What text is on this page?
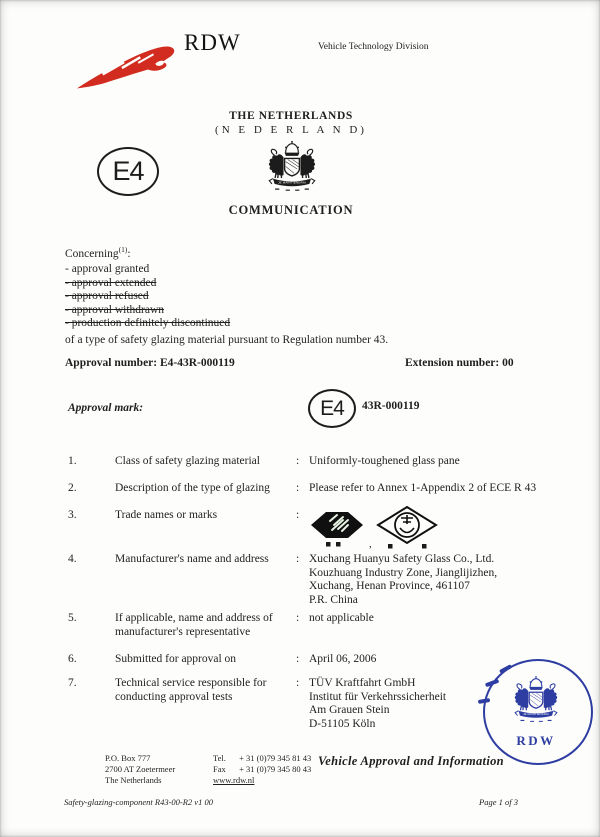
RDW	Vehicle Technology Division
THE NETHERLANDS
(N E D E R L A N D)
E4
COMMUNICATION
Concerning$^{(1)}$:
- approval granted
- approval extended
- approval refused
- approval withdrawn
- production definitely discontinued
of a type of safety glazing material pursuant to Regulation number 43.
Approval number: E4-43R-000119	Extension number: 00
Approval mark:	E4 43R-000119
1.	Class of safety glazing material	: Uniformly-toughened glass pane
2.	Description of the type of glazing	: Please refer to Annex 1-Appendix 2 of ECE R 43
3.	Trade names or marks	:
,
4.	Manufacturer's name and address	: Xuchang Huanyu Safety Glass Co., Ltd.
Kouzhuang Industry Zone, Jianglijizhen,
Xuchang, Henan Province, 461107
P.R. China
5.	If applicable, name and address of manufacturer's representative
: not applicable
6.	Submitted for approval on	: April 06, 2006
7.	Technical service responsible for conducting approval tests
: TÜV Kraftfahrt GmbH
Institut für Verkehrssicherheit
Am Grauen Stein
D-51105 Köln
RDW
P.O. Box 777
2700 AT Zoetermeer
The Netherlands
Tel. + 31 (0)79 345 81 43
Fax + 31 (0)79 345 80 43
www.rdw.nl
Vehicle Approval and Information
Safety-glazing-component R43-00-R2 v1 00	Page 1 of 3
